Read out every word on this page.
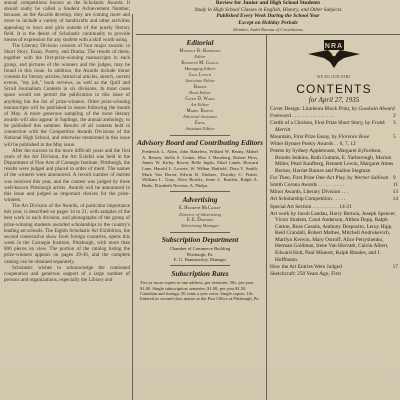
annual competitions known as the Scholastic Awards. It should really be called a Student Achievement Number, because, as the Awards develop, they are coming more and more to include a variety of handicrafts and other activities appealing to boys and girls outside of the purely literary field. It is the desire of Scholastic continually to provide means of expression for any student with a skill worth using.

The Literary Division consists of four major awards: in Short Story, Essay, Poetry, and Drama. The results of these, together with the first-prize-winning manuscripts in each group, and pictures of the winners and the judges, may be found in this issue. In addition, the Awards include minor contests for literary articles, historical articles, sketch, current events, "my job," book reviews, as well as the Quill and Scroll Journalism Contests in six divisions. In most cases space would not permit the publication in this issue of anything but the list of prize-winners. Other prize-winning manuscripts will be published in issues following the month of May. A more generous sampling of the more literary awards will also appear in Saplings, the annual anthology, to be published this summer. Results of all contests held in connection with the Competitive Awards Divisions of the National High School, and otherwise mentioned in this issue will be published in the May issue.

After the success in the more difficult years and the first years of the Art Division, the Art Exhibit was held in the Department of Fine Arts of Carnegie Institute, Pittsburgh, the results were judged and placed in order of merit. The names of the winners were announced. A record number of entries was received this year, and the contest was judged by three well-known Pittsburgh artists. Awards will be announced in this issue and judged as important choices for the prize-winners.

The Art Division of the Awards, of particular importance this year, is described on pages 14 to 21, with samples of the best work in each division, and photographs of the group of prize-winning students awarded scholarships to the country's leading art schools. The Eighth Scholastic Art Exhibition, the second consecutive show from foreign countries, opens this week in the Carnegie Institute, Pittsburgh, with more than 800 pieces on view. The portion of the catalog listing the prize-winners appears on pages 29-30, and the complete catalog can be obtained separately.

Scholastic wishes to acknowledge the continued cooperation and generous support of a large number of persons and organizations, especially the Library and

Review for Junior and High School Students
Study in High School Classes in English, History, and Other Subjects
Published Every Week During the School Year
Except on Holiday Periods
Member, Audit Bureau of Circulations
Editorial
Maurice R. Robinson
Editor
Kenneth M. Gould
Managing Editor
Jack Lynch
Associate Editor
Harris
Book Editor
Gwen D. Ward
Art Editor
Mabel Brown
Editorial Assistant
Edna
Assistant Editor
Advisory Board and Contributing Editors
Frederick L. Allen, John Bakeless, Willard W. Beatty, Mabel A. Bessey, Stella S. Center, Max J. Herzberg, Robert Hoss, James W. Kirby, Rewey Belle Inglis, Ethel Lamb, Howard Lane, Harold L. Lowrie, W. Wilbur Hatfield, Dora V. Smith, Mark Van Doren, Edwin R. Embree, Dorothy C. Fisher, William L. Gray, Alice Brooks, Irene L. Bartlett, Ralph A. Beals, Elizabeth Newton, A. Phelps.
Advertising
E. Hildreth McCaskey
Director of Advertising
E. E. Downing
Advertising Manager
Subscription Department
Chamber of Commerce Building
Pittsburgh, Pa.
E. G. Hammersley, Manager
Subscription Rates
Two or more copies to one address, per semester, 50c; per year $1.00. Single subscription, semester, $1.00; per year $1.50. Canadian and foreign, 50 cents a year extra. Single copies, 10c. Entered as second-class matter at the Post Office at Pittsburgh, Pa.
WE DO OUR PART
NRA
CONTENTS
for April 27, 1935
Cover Design: Linoleum Block Print, by Goodwin Alward
2
Foreword . . . . . . . . . . . . . . . .
3
Credit of a Chicken, First Prize Short Story, by Frank Merritt
5
Mountain, First Prize Essay, by Florence Rose
Witter Bynner Poetry Awards . . 6, 7, 12
Poems by Sydney Appleboom, Margaret Eyfordson, Brooks Jenkins, Ruth Gumms, E. Yarborough, Marion Miller, Pearl Kaufberg, Rennett Lewin, Margaret Ames Becker, Harriet Barnes and Pauline Stegman
9
For Then, First Prize One-Act Play, by Werner Sullivan
11
Smith Corona Awards . . . . . . . . . .
13
Minor Awards, Literary Division . . .
14
Art Scholarship Competition . . . . .
Special Art Section . . . . . . . . . . 14-21
Art work by Jacob Landau, Harry Bertoia, Joseph Spencer, Victor Student, Carol Anderson, Althea Dopp, Ralph Cotton, Rose Cusatis, Anthony Desposito, Leroy Hipp, Reid Crandall, Robert Mathes, Mitchell Andrukevich, Marilyn Kerwin, Mary Ostroff, Alice Petryshenko, Herman Goldman, Irene Van Horvath, Calvin Albert, Edward Holt, Paul Mineart, Ralph Rhodes, and J. Hoffmann.
17
How the Art Entries Were Judged
Sketchcraft: 250 Years Ago, First
